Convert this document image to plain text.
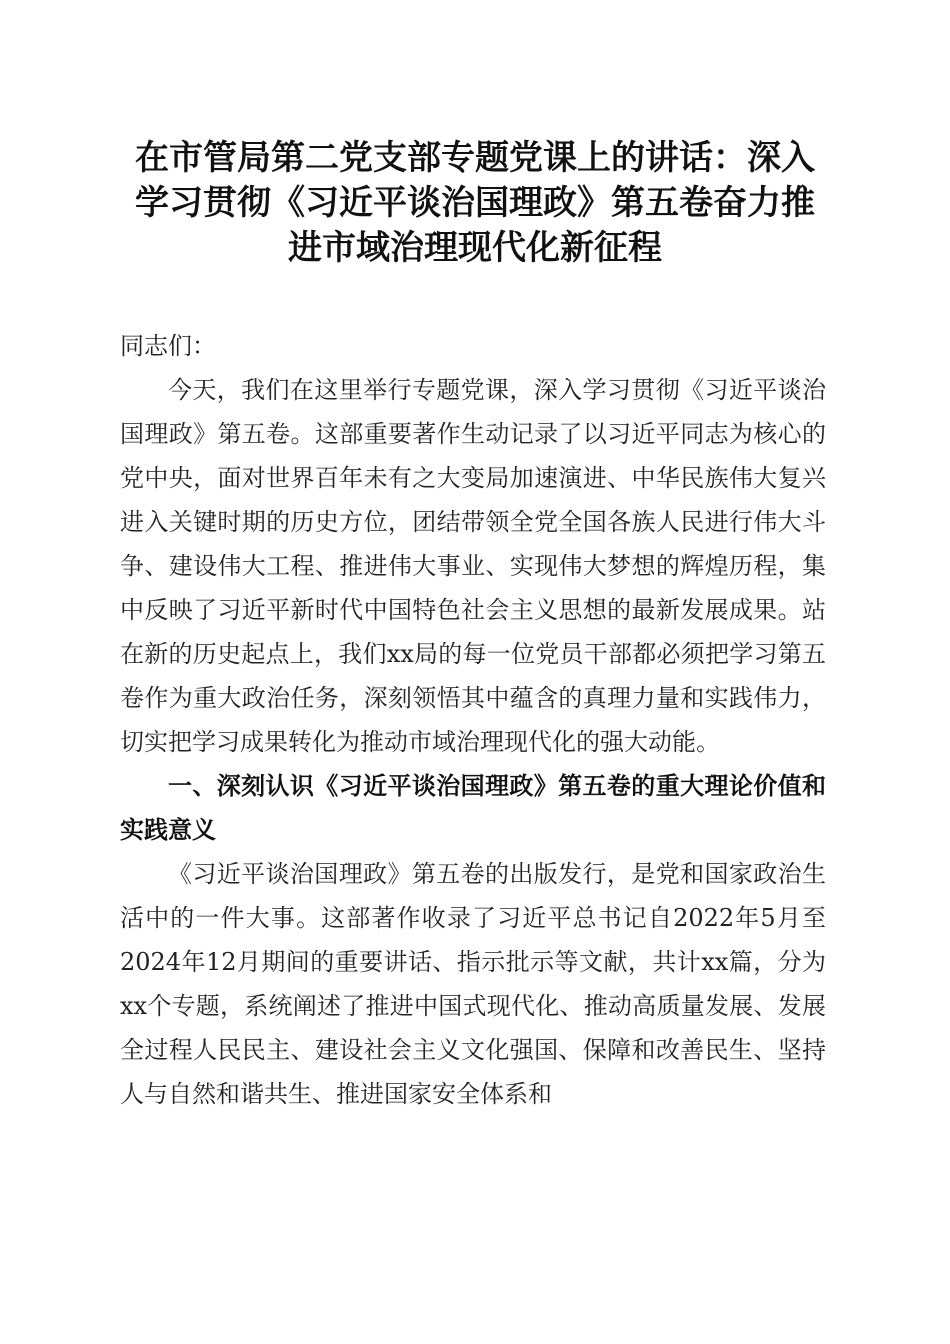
在市管局第二党支部专题党课上的讲话：深入
学习贯彻《习近平谈治国理政》第五卷奋力推
进市域治理现代化新征程

同志们：

今天，我们在这里举行专题党课，深入学习贯彻《习近平谈治国理政》第五卷。这部重要著作生动记录了以习近平同志为核心的党中央，面对世界百年未有之大变局加速演进、中华民族伟大复兴进入关键时期的历史方位，团结带领全党全国各族人民进行伟大斗争、建设伟大工程、推进伟大事业、实现伟大梦想的辉煌历程，集中反映了习近平新时代中国特色社会主义思想的最新发展成果。站在新的历史起点上，我们xx局的每一位党员干部都必须把学习第五卷作为重大政治任务，深刻领悟其中蕴含的真理力量和实践伟力，切实把学习成果转化为推动市域治理现代化的强大动能。

一、深刻认识《习近平谈治国理政》第五卷的重大理论价值和实践意义

《习近平谈治国理政》第五卷的出版发行，是党和国家政治生活中的一件大事。这部著作收录了习近平总书记自2022年5月至2024年12月期间的重要讲话、指示批示等文献，共计xx篇，分为xx个专题，系统阐述了推进中国式现代化、推动高质量发展、发展全过程人民民主、建设社会主义文化强国、保障和改善民生、坚持人与自然和谐共生、推进国家安全体系和
